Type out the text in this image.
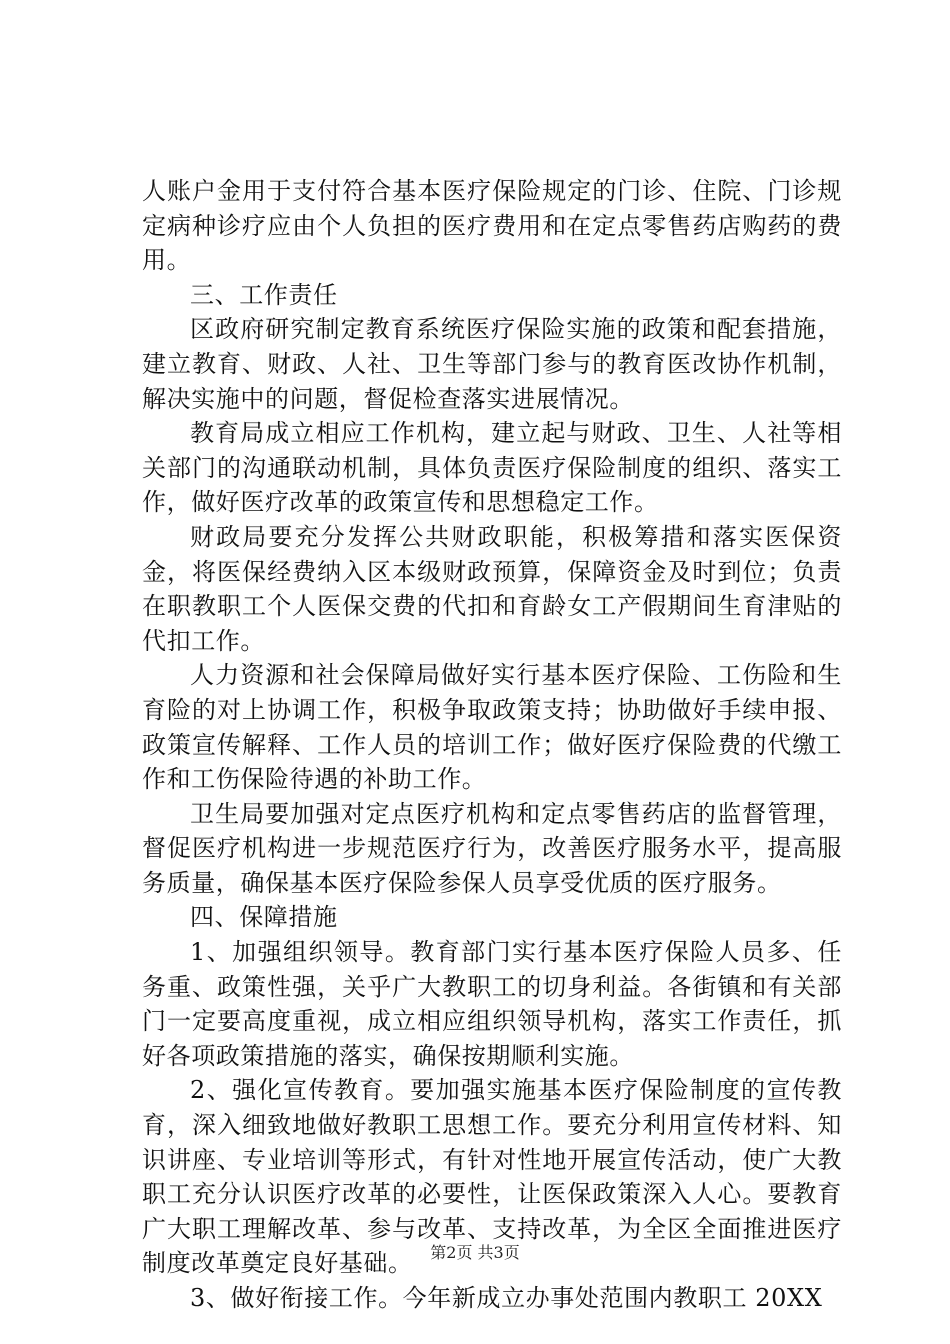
人账户金用于支付符合基本医疗保险规定的门诊、住院、门诊规定病种诊疗应由个人负担的医疗费用和在定点零售药店购药的费用。

三、工作责任

区政府研究制定教育系统医疗保险实施的政策和配套措施，建立教育、财政、人社、卫生等部门参与的教育医改协作机制，解决实施中的问题，督促检查落实进展情况。

教育局成立相应工作机构，建立起与财政、卫生、人社等相关部门的沟通联动机制，具体负责医疗保险制度的组织、落实工作，做好医疗改革的政策宣传和思想稳定工作。

财政局要充分发挥公共财政职能，积极筹措和落实医保资金，将医保经费纳入区本级财政预算，保障资金及时到位；负责在职教职工个人医保交费的代扣和育龄女工产假期间生育津贴的代扣工作。

人力资源和社会保障局做好实行基本医疗保险、工伤险和生育险的对上协调工作，积极争取政策支持；协助做好手续申报、政策宣传解释、工作人员的培训工作；做好医疗保险费的代缴工作和工伤保险待遇的补助工作。

卫生局要加强对定点医疗机构和定点零售药店的监督管理，督促医疗机构进一步规范医疗行为，改善医疗服务水平，提高服务质量，确保基本医疗保险参保人员享受优质的医疗服务。

四、保障措施

1、加强组织领导。教育部门实行基本医疗保险人员多、任务重、政策性强，关乎广大教职工的切身利益。各街镇和有关部门一定要高度重视，成立相应组织领导机构，落实工作责任，抓好各项政策措施的落实，确保按期顺利实施。

2、强化宣传教育。要加强实施基本医疗保险制度的宣传教育，深入细致地做好教职工思想工作。要充分利用宣传材料、知识讲座、专业培训等形式，有针对性地开展宣传活动，使广大教职工充分认识医疗改革的必要性，让医保政策深入人心。要教育广大职工理解改革、参与改革、支持改革，为全区全面推进医疗制度改革奠定良好基础。

3、做好衔接工作。今年新成立办事处范围内教职工 20XX

第2页 共3页
